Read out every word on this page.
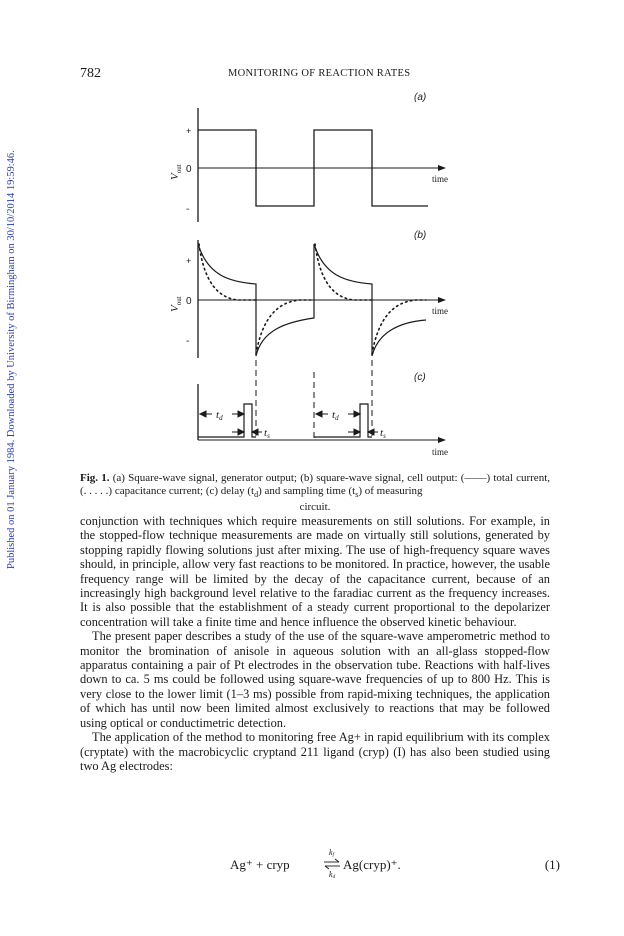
Published on 01 January 1984. Downloaded by University of Birmingham on 30/10/2014 19:59:46.
782	MONITORING OF REACTION RATES
(a)
+
0
-
$V_{out}$
time
(b)
+
0
-
$V_{out}$
time
(c)
td	td
ts	ts
time
Fig. 1. (a) Square-wave signal, generator output; (b) square-wave signal, cell output: (——) total current, (. . . . .) capacitance current; (c) delay $(t_d)$ and sampling time $(t_s)$ of measuring
circuit.

conjunction with techniques which require measurements on still solutions. For example, in the stopped-flow technique measurements are made on virtually still solutions, generated by stopping rapidly flowing solutions just after mixing. The use of high-frequency square waves should, in principle, allow very fast reactions to be monitored. In practice, however, the usable frequency range will be limited by the decay of the capacitance current, because of an increasingly high background level relative to the faradiac current as the frequency increases. It is also possible that the establishment of a steady current proportional to the depolarizer concentration will take a finite time and hence influence the observed kinetic behaviour.

The present paper describes a study of the use of the square-wave amperometric method to monitor the bromination of anisole in aqueous solution with an all-glass stopped-flow apparatus containing a pair of Pt electrodes in the observation tube. Reactions with half-lives down to ca. 5 ms could be followed using square-wave frequencies of up to 800 Hz. This is very close to the lower limit (1–3 ms) possible from rapid-mixing techniques, the application of which has until now been limited almost exclusively to reactions that may be followed using optical or conductimetric detection.

The application of the method to monitoring free Ag+ in rapid equilibrium with its complex (cryptate) with the macrobicyclic cryptand 211 ligand (cryp) (I) has also been studied using two Ag electrodes:

Ag⁺ + cryp
kf
kd
Ag(cryp)⁺.	(1)
